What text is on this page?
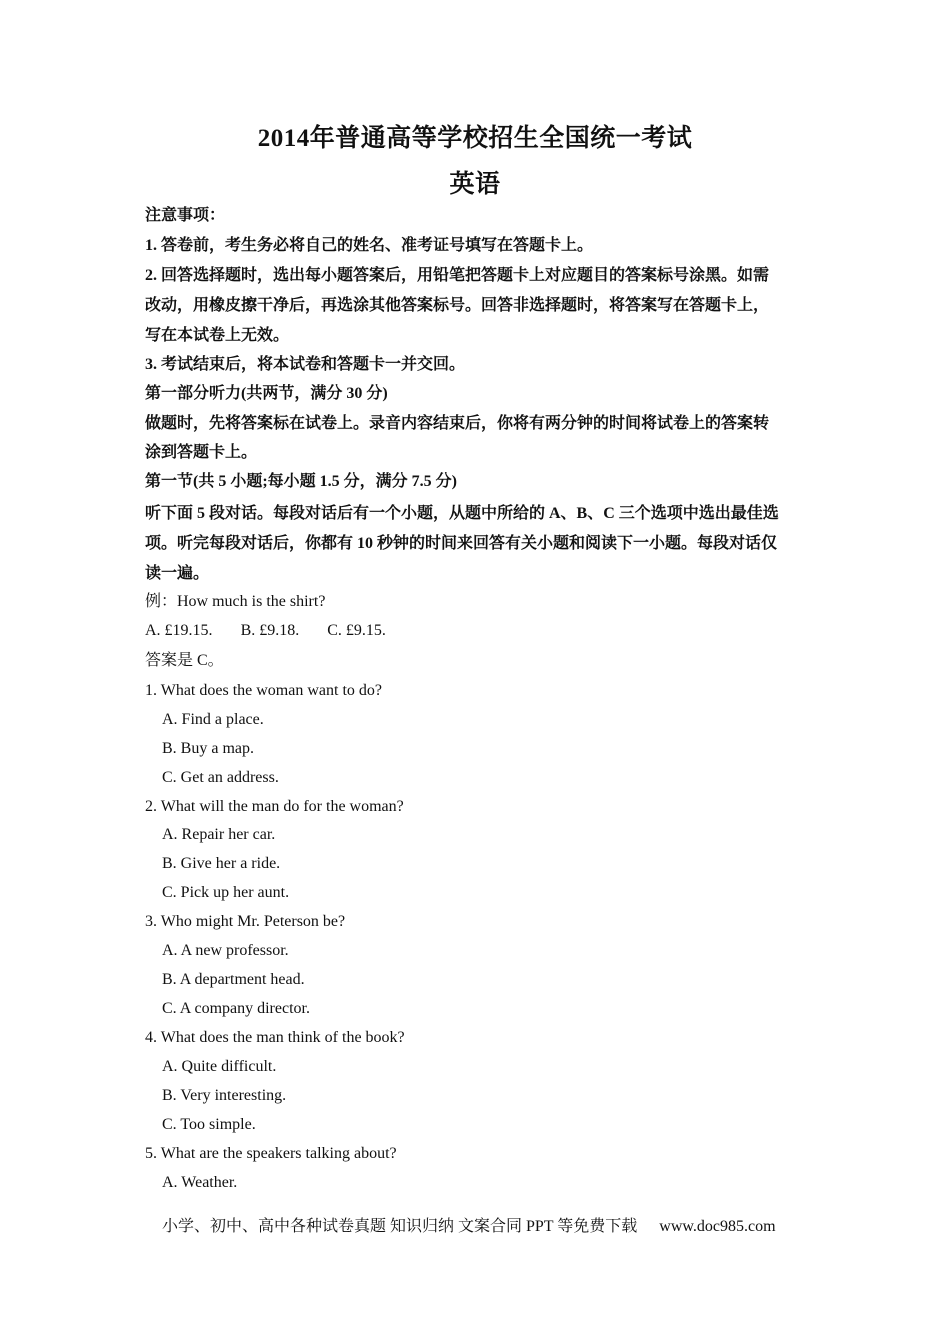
2014年普通高等学校招生全国统一考试
英语
注意事项：
1. 答卷前，考生务必将自己的姓名、准考证号填写在答题卡上。
2. 回答选择题时，选出每小题答案后，用铅笔把答题卡上对应题目的答案标号涂黑。如需
改动，用橡皮擦干净后，再选涂其他答案标号。回答非选择题时，将答案写在答题卡上，
写在本试卷上无效。
3. 考试结束后，将本试卷和答题卡一并交回。
第一部分听力(共两节，满分 30 分)
做题时，先将答案标在试卷上。录音内容结束后，你将有两分钟的时间将试卷上的答案转
涂到答题卡上。
第一节(共 5 小题;每小题 1.5 分，满分 7.5 分)
听下面 5 段对话。每段对话后有一个小题，从题中所给的 A、B、C 三个选项中选出最佳选
项。听完每段对话后，你都有 10 秒钟的时间来回答有关小题和阅读下一小题。每段对话仅
读一遍。
例：How much is the shirt?
A. £19.15. B. £9.18. C. £9.15.
答案是 C。
1. What does the woman want to do?
A. Find a place.
B. Buy a map.
C. Get an address.
2. What will the man do for the woman?
A. Repair her car.
B. Give her a ride.
C. Pick up her aunt.
3. Who might Mr. Peterson be?
A. A new professor.
B. A department head.
C. A company director.
4. What does the man think of the book?
A. Quite difficult.
B. Very interesting.
C. Too simple.
5. What are the speakers talking about?
A. Weather.
小学、初中、高中各种试卷真题 知识归纳 文案合同 PPT 等免费下载 www.doc985.com
